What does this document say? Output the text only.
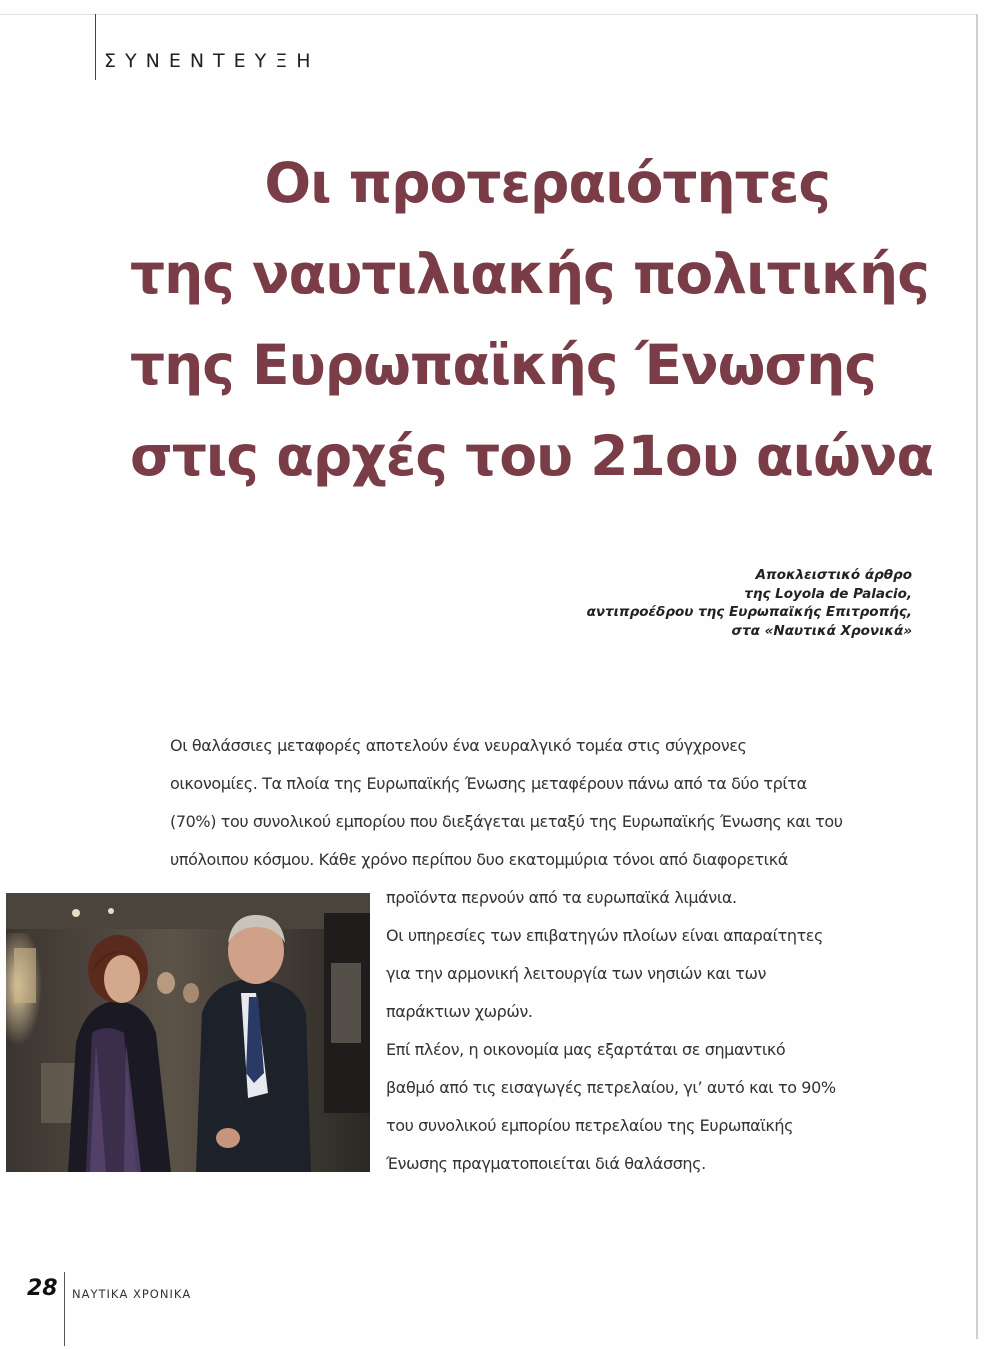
ΣΥΝΕΝΤΕΥΞΗ
Οι προτεραιότητες
της ναυτιλιακής πολιτικής
της Ευρωπαϊκής Ένωσης
στις αρχές του 21ου αιώνα
Αποκλειστικό άρθρο
της Loyola de Palacio,
αντιπροέδρου της Ευρωπαϊκής Επιτροπής,
στα «Ναυτικά Χρονικά»
Οι θαλάσσιες μεταφορές αποτελούν ένα νευραλγικό τομέα στις σύγχρονες
οικονομίες. Τα πλοία της Ευρωπαϊκής Ένωσης μεταφέρουν πάνω από τα δύο τρίτα
(70%) του συνολικού εμπορίου που διεξάγεται μεταξύ της Ευρωπαϊκής Ένωσης και του
υπόλοιπου κόσμου. Κάθε χρόνο περίπου δυο εκατομμύρια τόνοι από διαφορετικά
προϊόντα περνούν από τα ευρωπαϊκά λιμάνια.
Οι υπηρεσίες των επιβατηγών πλοίων είναι απαραίτητες
για την αρμονική λειτουργία των νησιών και των
παράκτιων χωρών.
Επί πλέον, η οικονομία μας εξαρτάται σε σημαντικό
βαθμό από τις εισαγωγές πετρελαίου, γι’ αυτό και το 90%
του συνολικού εμπορίου πετρελαίου της Ευρωπαϊκής
Ένωσης πραγματοποιείται διά θαλάσσης.
28 ΝΑΥΤΙΚΑ ΧΡΟΝΙΚΑ
